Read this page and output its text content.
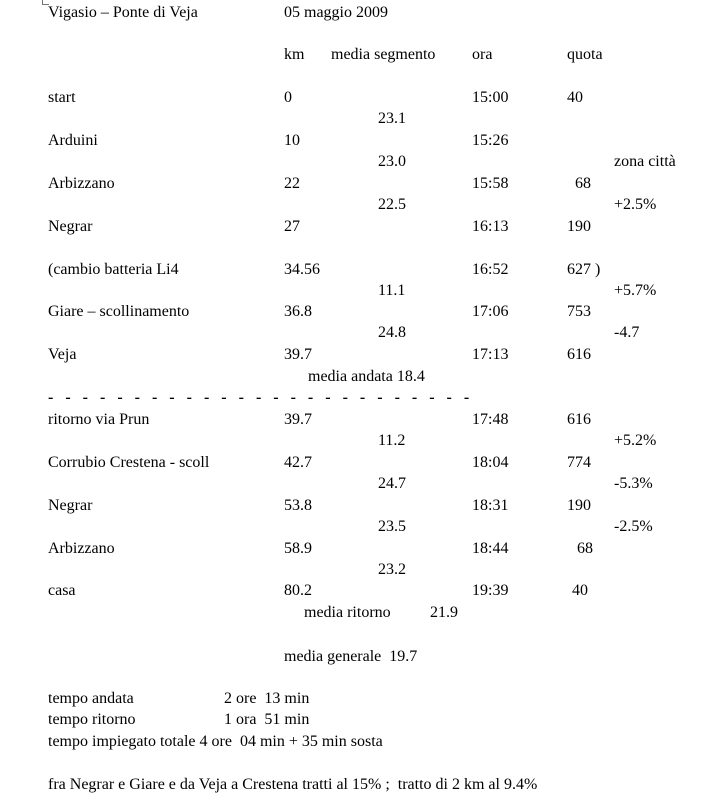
Vigasio – Ponte di Veja	05 maggio 2009
km media segmento ora	quota
start	0	15:00	40
23.1
Arduini	10	15:26
23.0	zona città
Arbizzano	22	15:58	68
22.5	+2.5%
Negrar	27	16:13	190
(cambio batteria Li4	34.56	16:52	627 )
11.1	+5.7%
Giare – scollinamento	36.8	17:06	753
24.8	-4.7
Veja	39.7	17:13	616
media andata 18.4
-   -   -   -   -   -   -   -   -   -   -   -   -   -   -   -   -   -   -   -   -   -   -   -   -
ritorno via Prun	39.7	17:48	616
11.2	+5.2%
Corrubio Crestena - scoll	42.7	18:04	774
24.7	-5.3%
Negrar	53.8	18:31	190
23.5	-2.5%
Arbizzano	58.9	18:44	68
23.2
casa	80.2	19:39	40
media ritorno 21.9
media generale  19.7
tempo andata	2 ore  13 min
tempo ritorno	1 ora  51 min
tempo impiegato totale 4 ore  04 min + 35 min sosta
fra Negrar e Giare e da Veja a Crestena tratti al 15% ;  tratto di 2 km al 9.4%
